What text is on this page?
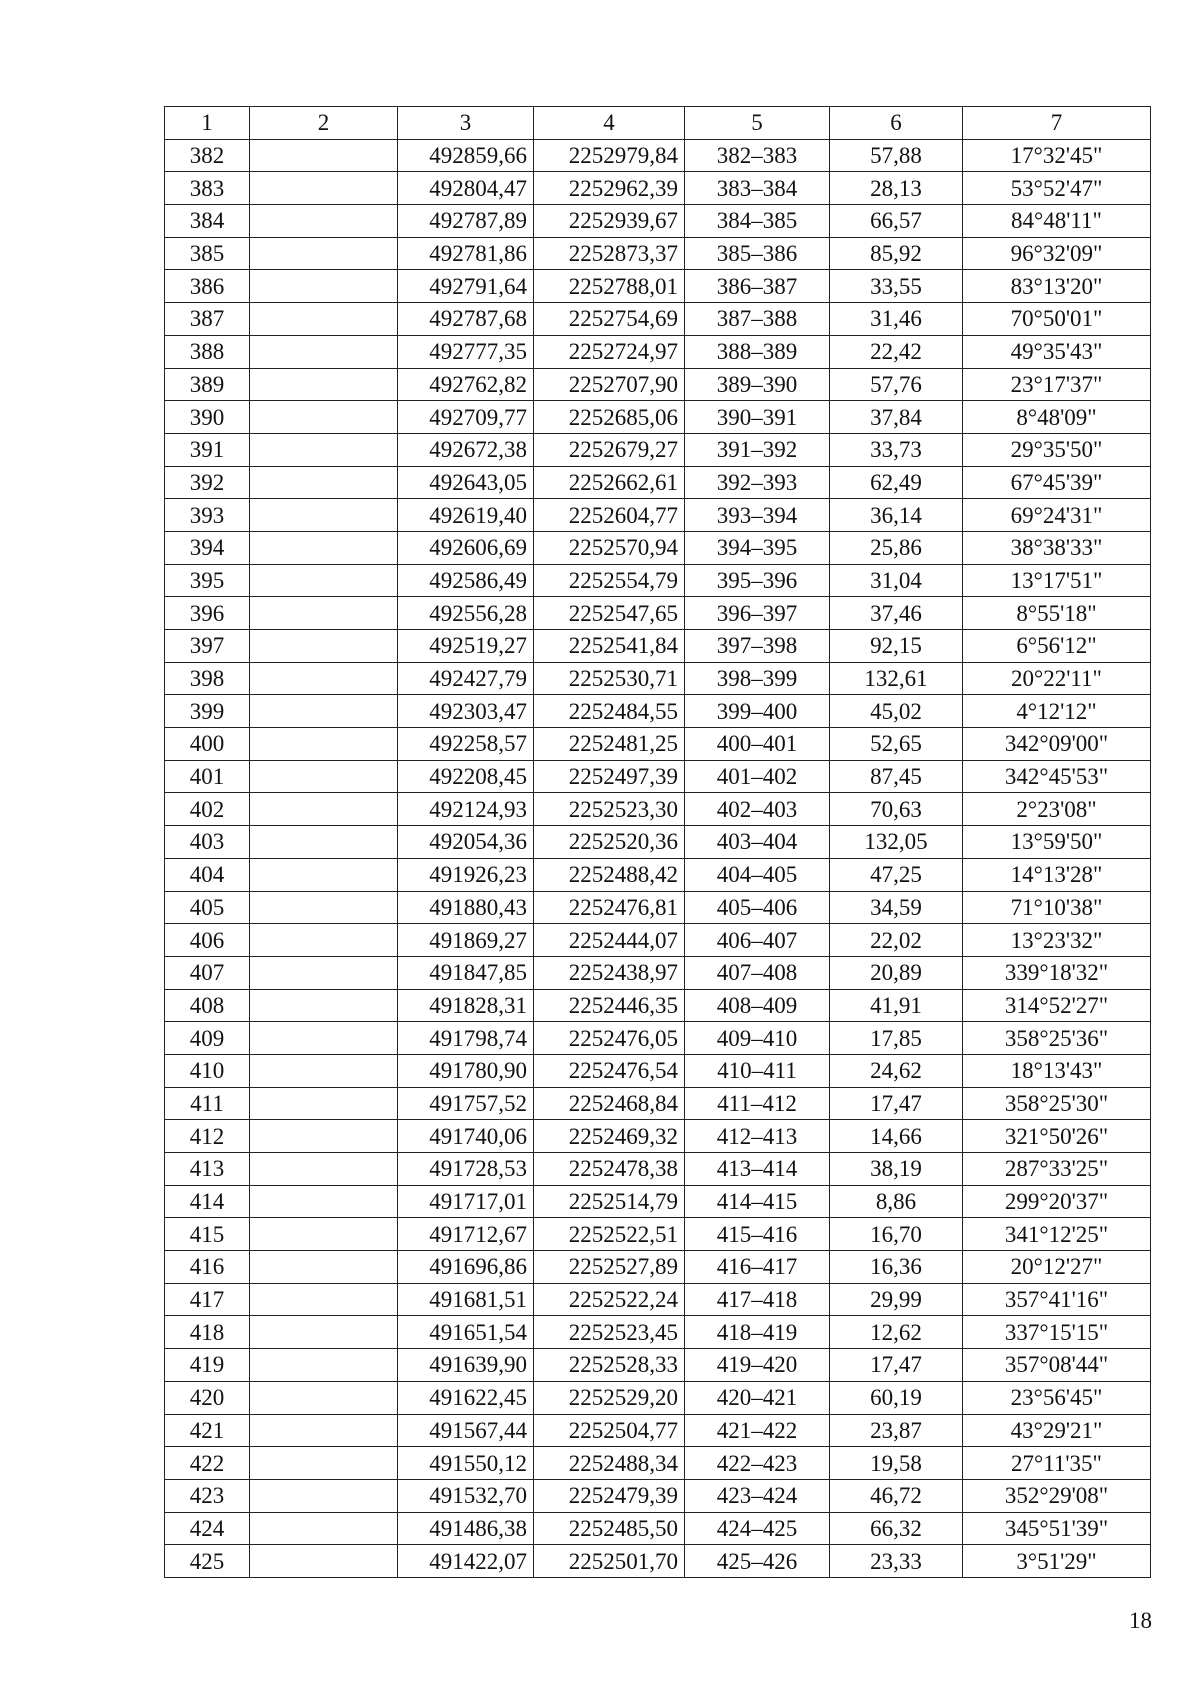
1	2	3	4	5	6	7
382		492859,66	2252979,84	382–383	57,88	17°32'45"
383		492804,47	2252962,39	383–384	28,13	53°52'47"
384		492787,89	2252939,67	384–385	66,57	84°48'11"
385		492781,86	2252873,37	385–386	85,92	96°32'09"
386		492791,64	2252788,01	386–387	33,55	83°13'20"
387		492787,68	2252754,69	387–388	31,46	70°50'01"
388		492777,35	2252724,97	388–389	22,42	49°35'43"
389		492762,82	2252707,90	389–390	57,76	23°17'37"
390		492709,77	2252685,06	390–391	37,84	8°48'09"
391		492672,38	2252679,27	391–392	33,73	29°35'50"
392		492643,05	2252662,61	392–393	62,49	67°45'39"
393		492619,40	2252604,77	393–394	36,14	69°24'31"
394		492606,69	2252570,94	394–395	25,86	38°38'33"
395		492586,49	2252554,79	395–396	31,04	13°17'51"
396		492556,28	2252547,65	396–397	37,46	8°55'18"
397		492519,27	2252541,84	397–398	92,15	6°56'12"
398		492427,79	2252530,71	398–399	132,61	20°22'11"
399		492303,47	2252484,55	399–400	45,02	4°12'12"
400		492258,57	2252481,25	400–401	52,65	342°09'00"
401		492208,45	2252497,39	401–402	87,45	342°45'53"
402		492124,93	2252523,30	402–403	70,63	2°23'08"
403		492054,36	2252520,36	403–404	132,05	13°59'50"
404		491926,23	2252488,42	404–405	47,25	14°13'28"
405		491880,43	2252476,81	405–406	34,59	71°10'38"
406		491869,27	2252444,07	406–407	22,02	13°23'32"
407		491847,85	2252438,97	407–408	20,89	339°18'32"
408		491828,31	2252446,35	408–409	41,91	314°52'27"
409		491798,74	2252476,05	409–410	17,85	358°25'36"
410		491780,90	2252476,54	410–411	24,62	18°13'43"
411		491757,52	2252468,84	411–412	17,47	358°25'30"
412		491740,06	2252469,32	412–413	14,66	321°50'26"
413		491728,53	2252478,38	413–414	38,19	287°33'25"
414		491717,01	2252514,79	414–415	8,86	299°20'37"
415		491712,67	2252522,51	415–416	16,70	341°12'25"
416		491696,86	2252527,89	416–417	16,36	20°12'27"
417		491681,51	2252522,24	417–418	29,99	357°41'16"
418		491651,54	2252523,45	418–419	12,62	337°15'15"
419		491639,90	2252528,33	419–420	17,47	357°08'44"
420		491622,45	2252529,20	420–421	60,19	23°56'45"
421		491567,44	2252504,77	421–422	23,87	43°29'21"
422		491550,12	2252488,34	422–423	19,58	27°11'35"
423		491532,70	2252479,39	423–424	46,72	352°29'08"
424		491486,38	2252485,50	424–425	66,32	345°51'39"
425		491422,07	2252501,70	425–426	23,33	3°51'29"
18
